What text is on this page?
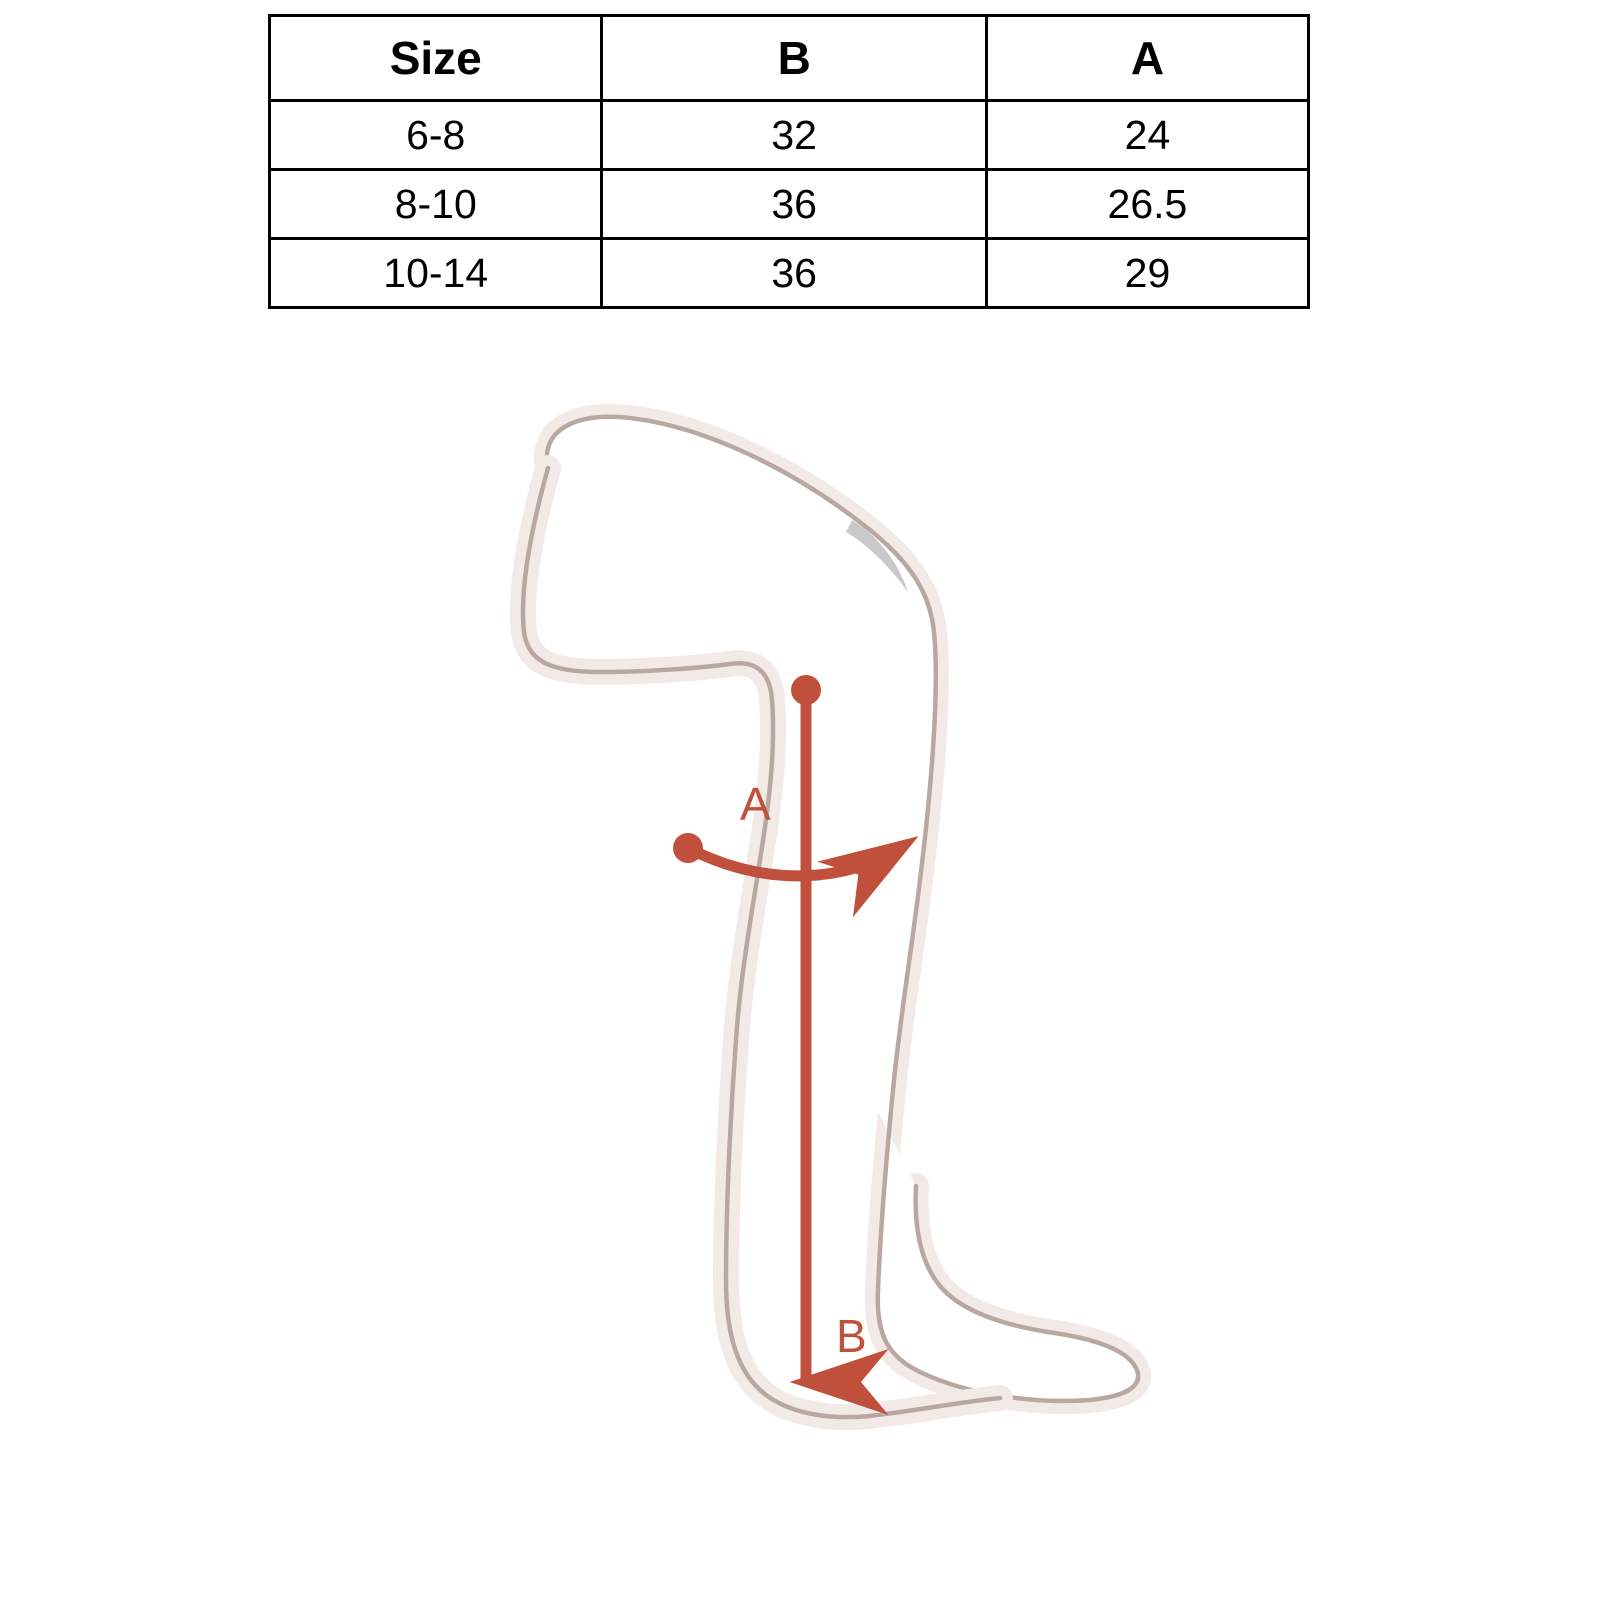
Size	B	A
6-8	32	24
8-10	36	26.5
10-14	36	29
B
A
